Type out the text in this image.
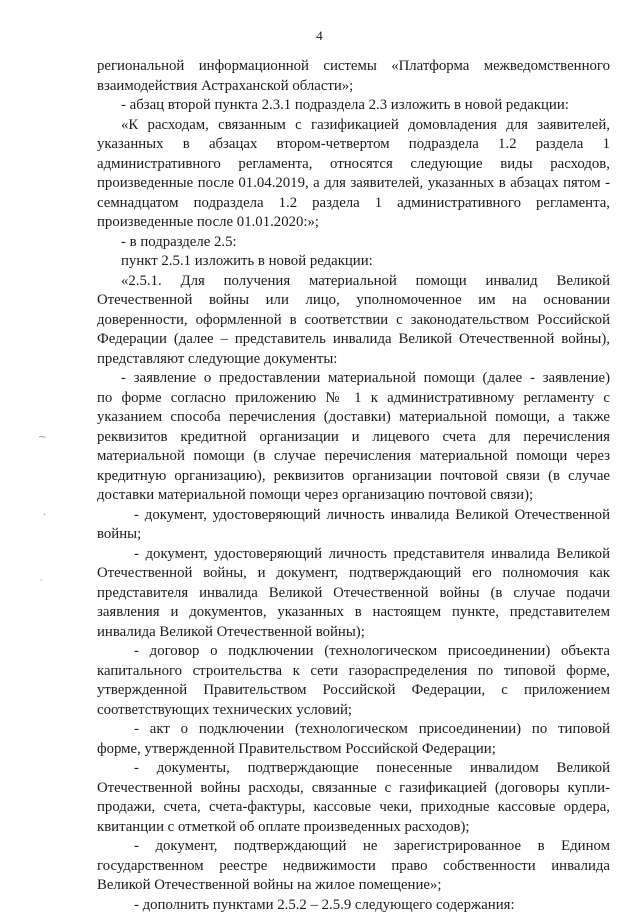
4
региональной информационной системы «Платформа межведомственного
взаимодействия Астраханской области»;
- абзац второй пункта 2.3.1 подраздела 2.3 изложить в новой редакции:
«К расходам, связанным с газификацией домовладения для заявителей,
указанных в абзацах втором-четвертом подраздела 1.2 раздела 1
административного регламента, относятся следующие виды расходов,
произведенные после 01.04.2019, а для заявителей, указанных в абзацах пятом -
семнадцатом подраздела 1.2 раздела 1 административного регламента,
произведенные после 01.01.2020:»;
- в подразделе 2.5:
пункт 2.5.1 изложить в новой редакции:
«2.5.1. Для получения материальной помощи инвалид Великой
Отечественной войны или лицо, уполномоченное им на основании
доверенности, оформленной в соответствии с законодательством Российской
Федерации (далее – представитель инвалида Великой Отечественной войны),
представляют следующие документы:
- заявление о предоставлении материальной помощи (далее - заявление)
по форме согласно приложению № 1 к административному регламенту с
указанием способа перечисления (доставки) материальной помощи, а также
реквизитов кредитной организации и лицевого счета для перечисления
материальной помощи (в случае перечисления материальной помощи через
кредитную организацию), реквизитов организации почтовой связи (в случае
доставки материальной помощи через организацию почтовой связи);
- документ, удостоверяющий личность инвалида Великой Отечественной
войны;
- документ, удостоверяющий личность представителя инвалида Великой
Отечественной войны, и документ, подтверждающий его полномочия как
представителя инвалида Великой Отечественной войны (в случае подачи
заявления и документов, указанных в настоящем пункте, представителем
инвалида Великой Отечественной войны);
- договор о подключении (технологическом присоединении) объекта
капитального строительства к сети газораспределения по типовой форме,
утвержденной Правительством Российской Федерации, с приложением
соответствующих технических условий;
- акт о подключении (технологическом присоединении) по типовой
форме, утвержденной Правительством Российской Федерации;
- документы, подтверждающие понесенные инвалидом Великой
Отечественной войны расходы, связанные с газификацией (договоры купли-
продажи, счета, счета-фактуры, кассовые чеки, приходные кассовые ордера,
квитанции с отметкой об оплате произведенных расходов);
- документ, подтверждающий не зарегистрированное в Едином
государственном реестре недвижимости право собственности инвалида
Великой Отечественной войны на жилое помещение»;
- дополнить пунктами 2.5.2 – 2.5.9 следующего содержания:
~
·
‵
